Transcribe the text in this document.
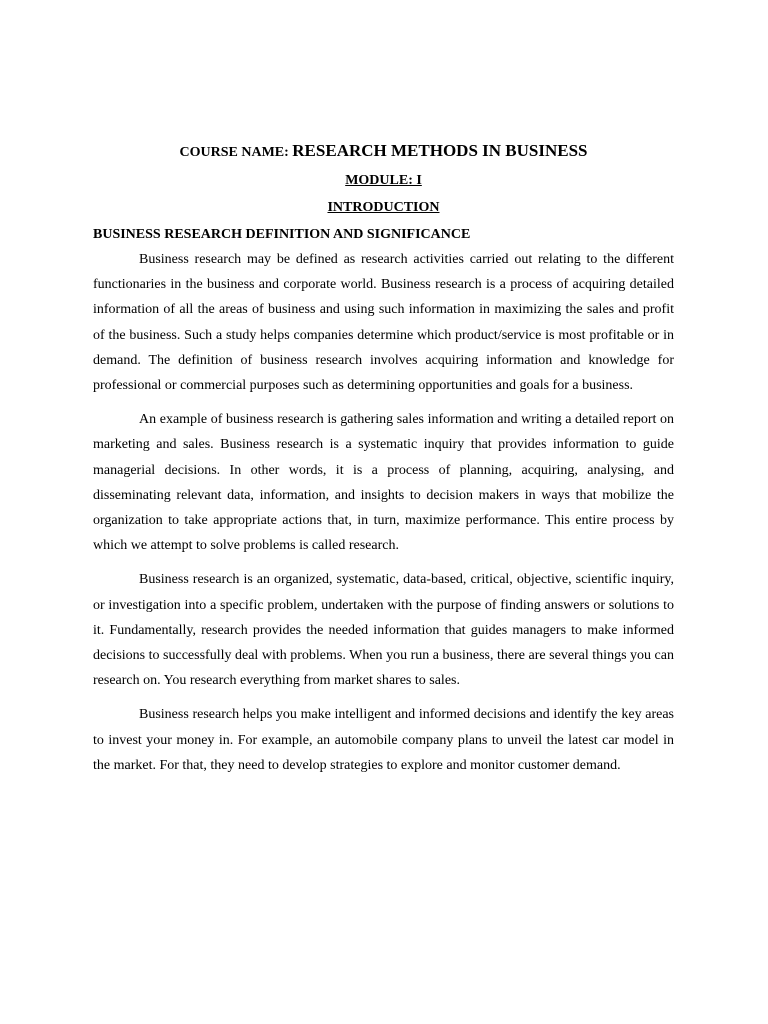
COURSE NAME: RESEARCH METHODS IN BUSINESS

MODULE: I

INTRODUCTION

BUSINESS RESEARCH DEFINITION AND SIGNIFICANCE

Business research may be defined as research activities carried out relating to the different functionaries in the business and corporate world. Business research is a process of acquiring detailed information of all the areas of business and using such information in maximizing the sales and profit of the business. Such a study helps companies determine which product/service is most profitable or in demand. The definition of business research involves acquiring information and knowledge for professional or commercial purposes such as determining opportunities and goals for a business.

An example of business research is gathering sales information and writing a detailed report on marketing and sales. Business research is a systematic inquiry that provides information to guide managerial decisions. In other words, it is a process of planning, acquiring, analysing, and disseminating relevant data, information, and insights to decision makers in ways that mobilize the organization to take appropriate actions that, in turn, maximize performance. This entire process by which we attempt to solve problems is called research.

Business research is an organized, systematic, data-based, critical, objective, scientific inquiry, or investigation into a specific problem, undertaken with the purpose of finding answers or solutions to it. Fundamentally, research provides the needed information that guides managers to make informed decisions to successfully deal with problems. When you run a business, there are several things you can research on. You research everything from market shares to sales.

Business research helps you make intelligent and informed decisions and identify the key areas to invest your money in. For example, an automobile company plans to unveil the latest car model in the market. For that, they need to develop strategies to explore and monitor customer demand.
